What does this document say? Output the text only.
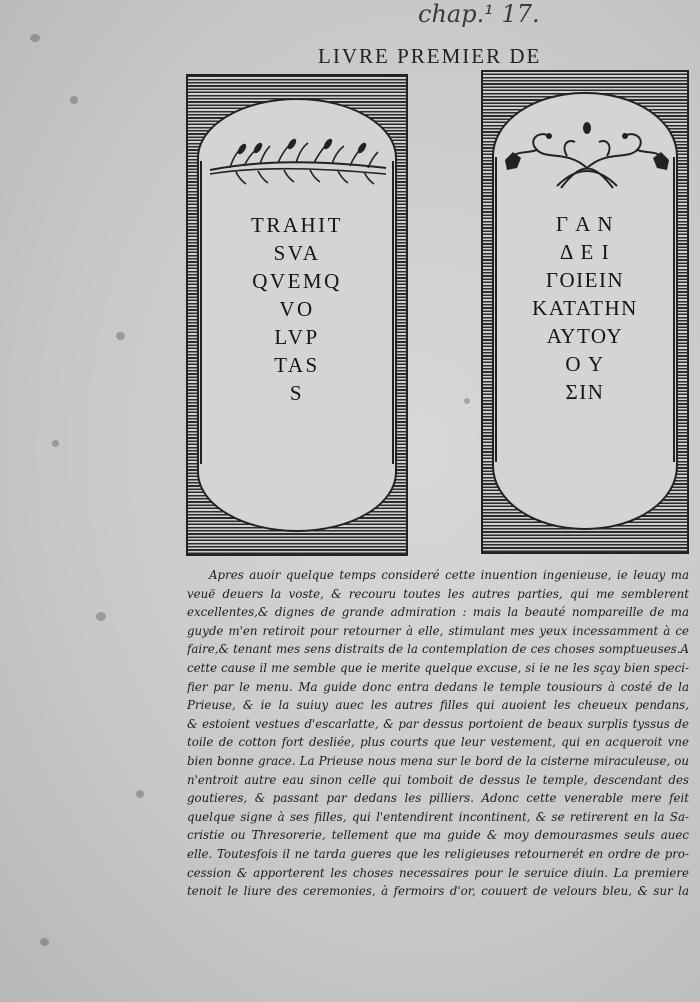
chap.¹ 17.
LIVRE PREMIER DE
TRAHIT
SVA
QVEMQ
VO
LVP
TAS
S
Γ Α Ν
Δ Ε Ι
ΓΟΙΕΙΝ
ΚΑΤΑΤΗΝ
ΑΥΤΟΥ
Ο Υ
ΣΙΝ
Apres auoir quelque temps consideré cette inuention ingenieuse, ie leuay ma
veuë deuers la voste, & recouru toutes les autres parties, qui me semblerent
excellentes,& dignes de grande admiration : mais la beauté nompareille de ma
guyde m'en retiroit pour retourner à elle, stimulant mes yeux incessamment à ce
faire,& tenant mes sens distraits de la contemplation de ces choses somptueuses.A
cette cause il me semble que ie merite quelque excuse, si ie ne les sçay bien speci-
fier par le menu. Ma guide donc entra dedans le temple tousiours à costé de la
Prieuse, & ie la suiuy auec les autres filles qui auoient les cheueux pendans,
& estoient vestues d'escarlatte, & par dessus portoient de beaux surplis tyssus de
toile de cotton fort desliée, plus courts que leur vestement, qui en acqueroit vne
bien bonne grace. La Prieuse nous mena sur le bord de la cisterne miraculeuse, ou
n'entroit autre eau sinon celle qui tomboit de dessus le temple, descendant des
goutieres, & passant par dedans les pilliers. Adonc cette venerable mere feit
quelque signe à ses filles, qui l'entendirent incontinent, & se retirerent en la Sa-
cristie ou Thresorerie, tellement que ma guide & moy demourasmes seuls auec
elle. Toutesfois il ne tarda gueres que les religieuses retournerét en ordre de pro-
cession & apporterent les choses necessaires pour le seruice diuin. La premiere
tenoit le liure des ceremonies, à fermoirs d'or, couuert de velours bleu, & sur la
